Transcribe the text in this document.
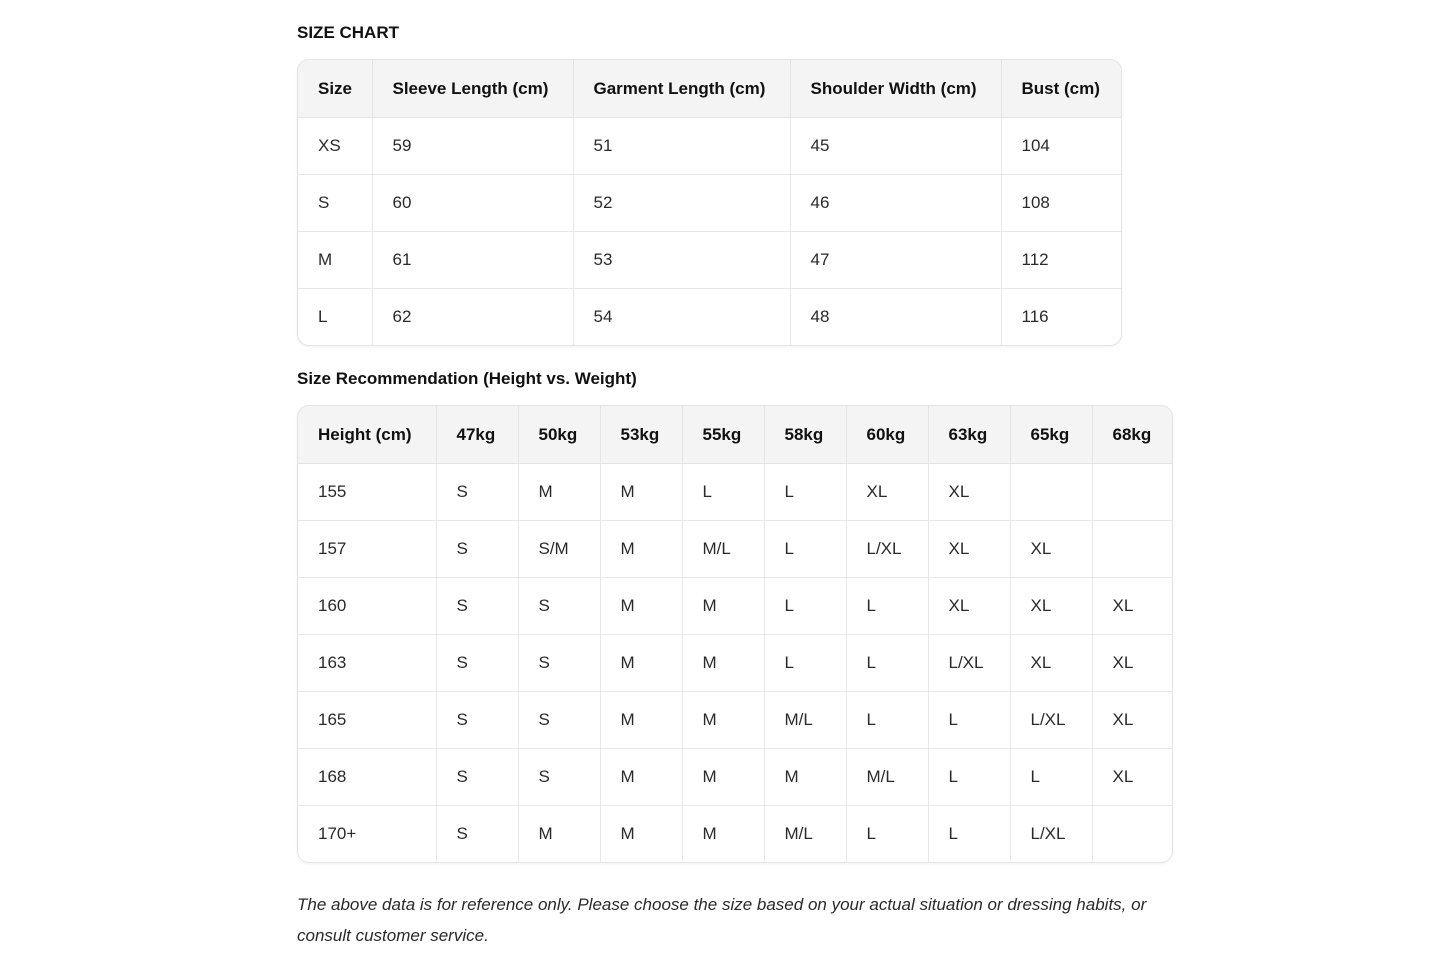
SIZE CHART
Size	Sleeve Length (cm)	Garment Length (cm)	Shoulder Width (cm)	Bust (cm)
XS	59	51	45	104
S	60	52	46	108
M	61	53	47	112
L	62	54	48	116
Size Recommendation (Height vs. Weight)
Height (cm)	47kg	50kg	53kg	55kg	58kg	60kg	63kg	65kg	68kg
155	S	M	M	L	L	XL	XL		
157	S	S/M	M	M/L	L	L/XL	XL	XL	
160	S	S	M	M	L	L	XL	XL	XL
163	S	S	M	M	L	L	L/XL	XL	XL
165	S	S	M	M	M/L	L	L	L/XL	XL
168	S	S	M	M	M	M/L	L	L	XL
170+	S	M	M	M	M/L	L	L	L/XL	

The above data is for reference only. Please choose the size based on your actual situation or dressing habits, or consult customer service.
